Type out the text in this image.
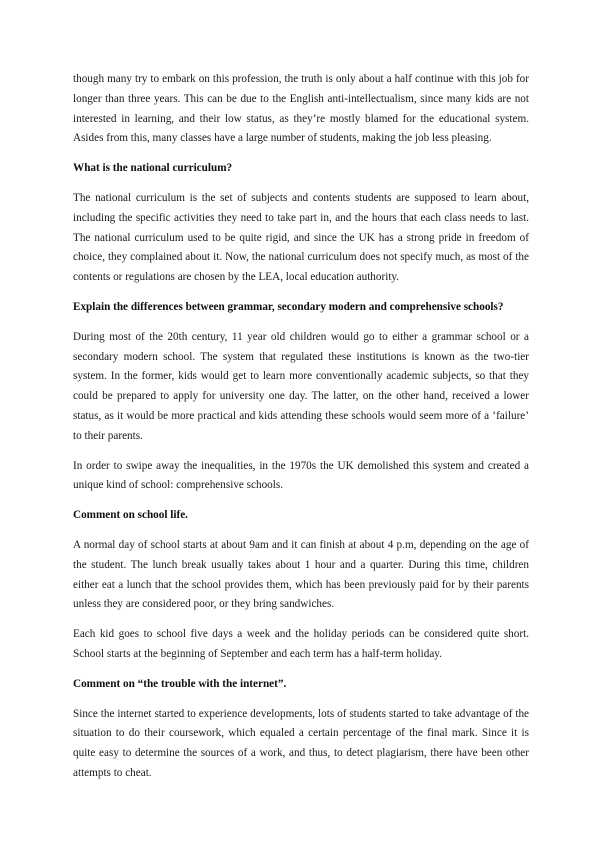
though many try to embark on this profession, the truth is only about a half continue with this job for longer than three years. This can be due to the English anti-intellectualism, since many kids are not interested in learning, and their low status, as they’re mostly blamed for the educational system. Asides from this, many classes have a large number of students, making the job less pleasing.

What is the national curriculum?

The national curriculum is the set of subjects and contents students are supposed to learn about, including the specific activities they need to take part in, and the hours that each class needs to last. The national curriculum used to be quite rigid, and since the UK has a strong pride in freedom of choice, they complained about it. Now, the national curriculum does not specify much, as most of the contents or regulations are chosen by the LEA, local education authority.

Explain the differences between grammar, secondary modern and comprehensive schools?

During most of the 20th century, 11 year old children would go to either a grammar school or a secondary modern school. The system that regulated these institutions is known as the two-tier system. In the former, kids would get to learn more conventionally academic subjects, so that they could be prepared to apply for university one day. The latter, on the other hand, received a lower status, as it would be more practical and kids attending these schools would seem more of a ‘failure’ to their parents.

In order to swipe away the inequalities, in the 1970s the UK demolished this system and created a unique kind of school: comprehensive schools.

Comment on school life.

A normal day of school starts at about 9am and it can finish at about 4 p.m, depending on the age of the student. The lunch break usually takes about 1 hour and a quarter. During this time, children either eat a lunch that the school provides them, which has been previously paid for by their parents unless they are considered poor, or they bring sandwiches.

Each kid goes to school five days a week and the holiday periods can be considered quite short. School starts at the beginning of September and each term has a half-term holiday.

Comment on “the trouble with the internet”.

Since the internet started to experience developments, lots of students started to take advantage of the situation to do their coursework, which equaled a certain percentage of the final mark. Since it is quite easy to determine the sources of a work, and thus, to detect plagiarism, there have been other attempts to cheat.
